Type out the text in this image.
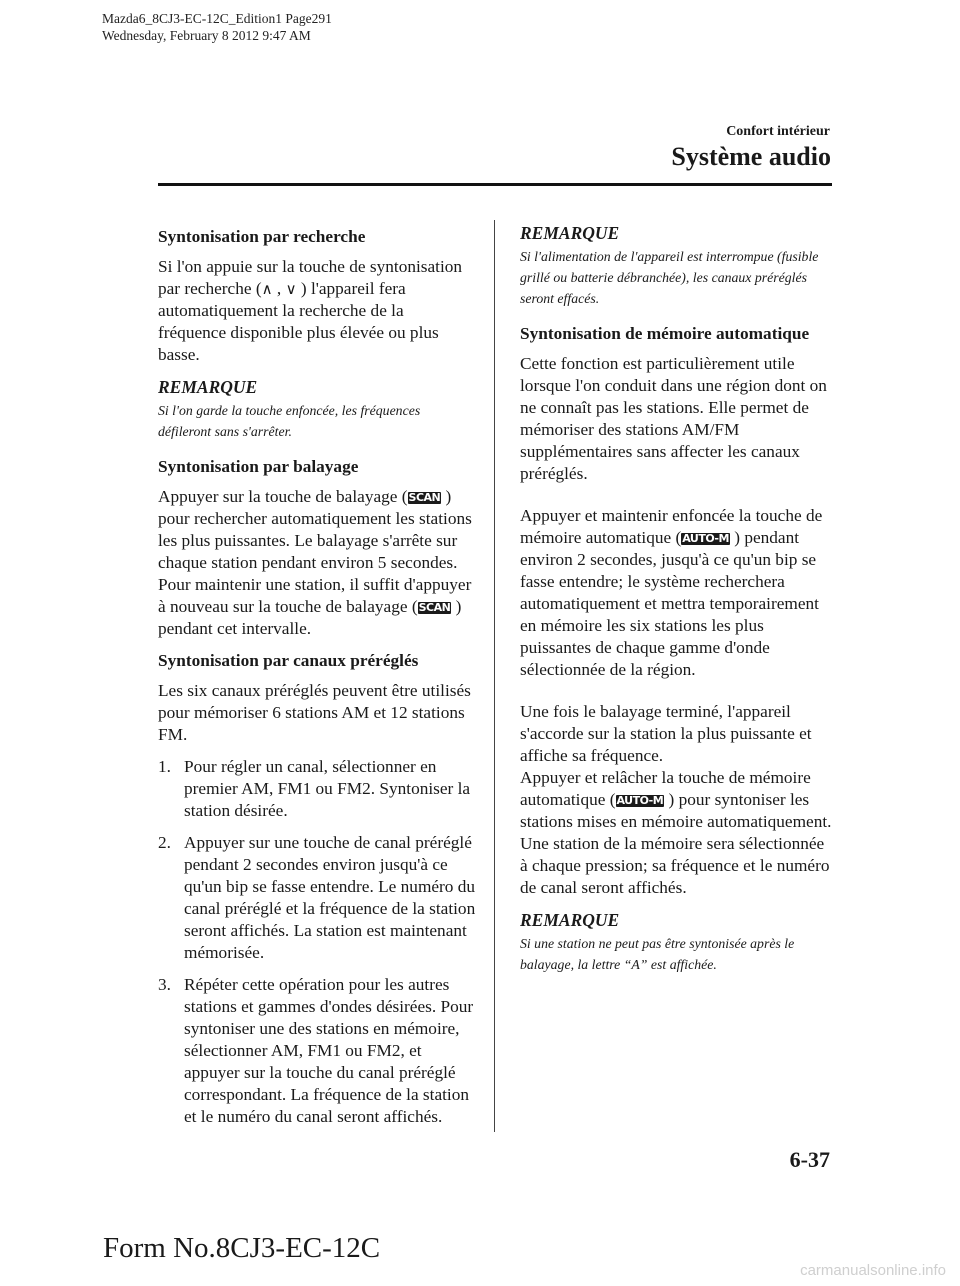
Mazda6_8CJ3-EC-12C_Edition1 Page291
Wednesday, February 8 2012 9:47 AM
Confort intérieur
Système audio
Syntonisation par recherche

Si l'on appuie sur la touche de syntonisation par recherche (∧ , ∨ ) l'appareil fera automatiquement la recherche de la fréquence disponible plus élevée ou plus basse.

REMARQUE
Si l'on garde la touche enfoncée, les fréquences défileront sans s'arrêter.
Syntonisation par balayage

Appuyer sur la touche de balayage (SCAN ) pour rechercher automatiquement les stations les plus puissantes. Le balayage s'arrête sur chaque station pendant environ 5 secondes. Pour maintenir une station, il suffit d'appuyer à nouveau sur la touche de balayage (SCAN ) pendant cet intervalle.

Syntonisation par canaux préréglés

Les six canaux préréglés peuvent être utilisés pour mémoriser 6 stations AM et 12 stations FM.

1. Pour régler un canal, sélectionner en premier AM, FM1 ou FM2. Syntoniser la station désirée.
2. Appuyer sur une touche de canal préréglé pendant 2 secondes environ jusqu'à ce qu'un bip se fasse entendre. Le numéro du canal préréglé et la fréquence de la station seront affichés. La station est maintenant mémorisée.
3. Répéter cette opération pour les autres stations et gammes d'ondes désirées. Pour syntoniser une des stations en mémoire, sélectionner AM, FM1 ou FM2, et appuyer sur la touche du canal préréglé correspondant. La fréquence de la station et le numéro du canal seront affichés.
REMARQUE
Si l'alimentation de l'appareil est interrompue (fusible grillé ou batterie débranchée), les canaux préréglés seront effacés.
Syntonisation de mémoire automatique

Cette fonction est particulièrement utile lorsque l'on conduit dans une région dont on ne connaît pas les stations. Elle permet de mémoriser des stations AM/FM supplémentaires sans affecter les canaux préréglés.

Appuyer et maintenir enfoncée la touche de mémoire automatique (AUTO-M ) pendant environ 2 secondes, jusqu'à ce qu'un bip se fasse entendre; le système recherchera automatiquement et mettra temporairement en mémoire les six stations les plus puissantes de chaque gamme d'onde sélectionnée de la région.

Une fois le balayage terminé, l'appareil s'accorde sur la station la plus puissante et affiche sa fréquence.
Appuyer et relâcher la touche de mémoire automatique (AUTO-M ) pour syntoniser les stations mises en mémoire automatiquement. Une station de la mémoire sera sélectionnée à chaque pression; sa fréquence et le numéro de canal seront affichés.

REMARQUE
Si une station ne peut pas être syntonisée après le balayage, la lettre “A” est affichée.
6-37
Form No.8CJ3-EC-12C
carmanualsonline.info
